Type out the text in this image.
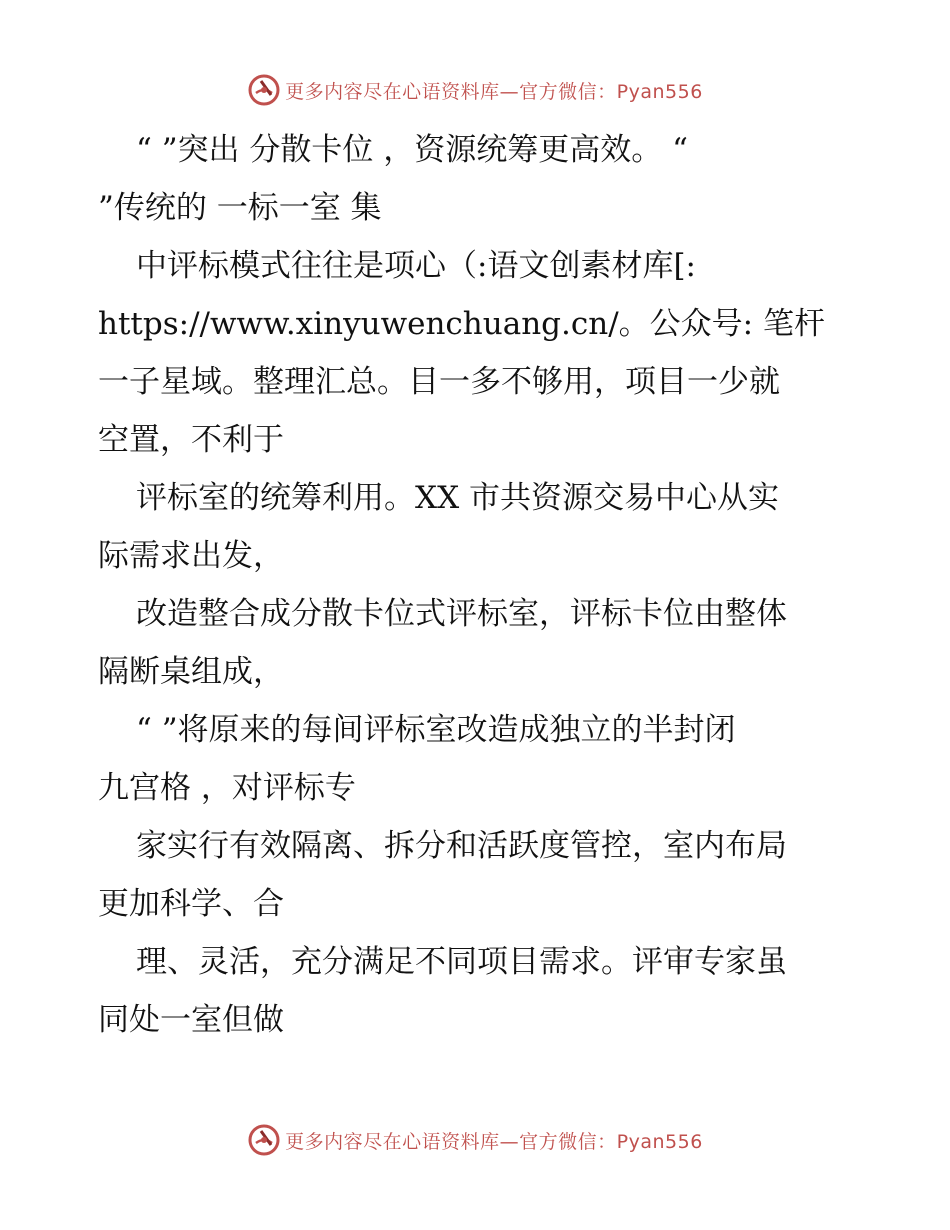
更多内容尽在心语资料库—官方微信：Pyan556
“ ”突出 分散卡位 ，资源统筹更高效。 “
”传统的 一标一室 集
中评标模式往往是项心（:语文创素材库[:
https://www.xinyuwenchuang.cn/。公众号: 笔杆
一子星域。整理汇总。目一多不够用，项目一少就
空置，不利于
评标室的统筹利用。XX 市共资源交易中心从实
际需求出发，
改造整合成分散卡位式评标室，评标卡位由整体
隔断桌组成，
“ ”将原来的每间评标室改造成独立的半封闭
九宫格 ，对评标专
家实行有效隔离、拆分和活跃度管控，室内布局
更加科学、合
理、灵活，充分满足不同项目需求。评审专家虽
同处一室但做
更多内容尽在心语资料库—官方微信：Pyan556
